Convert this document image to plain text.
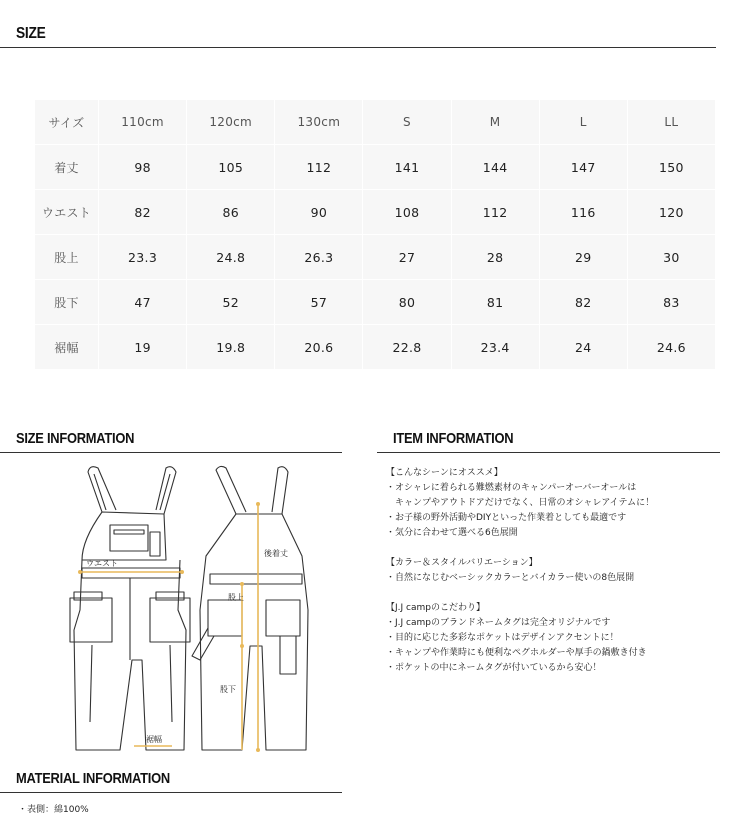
SIZE
サイズ	110cm	120cm	130cm	S	M	L	LL
着丈	98	105	112	141	144	147	150
ウエスト	82	86	90	108	112	116	120
股上	23.3	24.8	26.3	27	28	29	30
股下	47	52	57	80	81	82	83
裾幅	19	19.8	20.6	22.8	23.4	24	24.6
SIZE INFORMATION
ウエスト
後着丈
股上
股下
裾幅
ITEM INFORMATION
【こんなシーンにオススメ】
・オシャレに着られる難燃素材のキャンパーオーバーオールは
　キャンプやアウトドアだけでなく、日常のオシャレアイテムに！
・お子様の野外活動やDIYといった作業着としても最適です
・気分に合わせて選べる6色展開
【カラー＆スタイルバリエーション】
・自然になじむベーシックカラーとバイカラー使いの8色展開
【J.J campのこだわり】
・J.J campのブランドネームタグは完全オリジナルです
・目的に応じた多彩なポケットはデザインアクセントに！
・キャンプや作業時にも便利なペグホルダーや厚手の鍋敷き付き
・ポケットの中にネームタグが付いているから安心！
MATERIAL INFORMATION
・表側：綿100%
